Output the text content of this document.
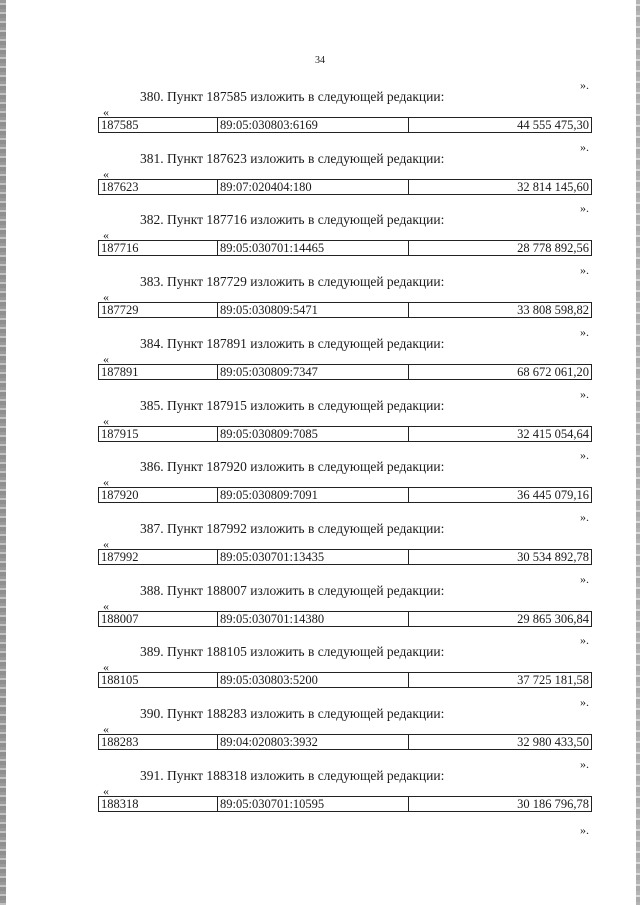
34
».
380. Пункт 187585 изложить в следующей редакции:
«
187585	89:05:030803:6169	44 555 475,30
».
381. Пункт 187623 изложить в следующей редакции:
«
187623	89:07:020404:180	32 814 145,60
».
382. Пункт 187716 изложить в следующей редакции:
«
187716	89:05:030701:14465	28 778 892,56
».
383. Пункт 187729 изложить в следующей редакции:
«
187729	89:05:030809:5471	33 808 598,82
».
384. Пункт 187891 изложить в следующей редакции:
«
187891	89:05:030809:7347	68 672 061,20
».
385. Пункт 187915 изложить в следующей редакции:
«
187915	89:05:030809:7085	32 415 054,64
».
386. Пункт 187920 изложить в следующей редакции:
«
187920	89:05:030809:7091	36 445 079,16
».
387. Пункт 187992 изложить в следующей редакции:
«
187992	89:05:030701:13435	30 534 892,78
».
388. Пункт 188007 изложить в следующей редакции:
«
188007	89:05:030701:14380	29 865 306,84
».
389. Пункт 188105 изложить в следующей редакции:
«
188105	89:05:030803:5200	37 725 181,58
».
390. Пункт 188283 изложить в следующей редакции:
«
188283	89:04:020803:3932	32 980 433,50
».
391. Пункт 188318 изложить в следующей редакции:
«
188318	89:05:030701:10595	30 186 796,78
».
